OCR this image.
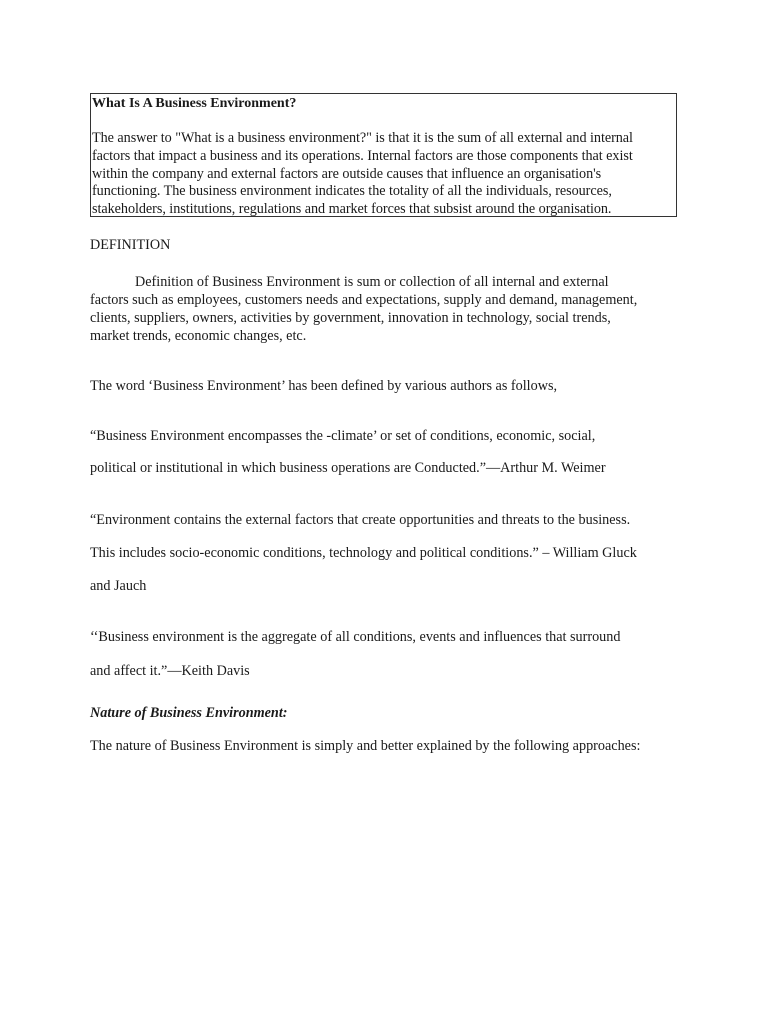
What Is A Business Environment?

The answer to "What is a business environment?" is that it is the sum of all external and internal
factors that impact a business and its operations. Internal factors are those components that exist
within the company and external factors are outside causes that influence an organisation's
functioning. The business environment indicates the totality of all the individuals, resources,
stakeholders, institutions, regulations and market forces that subsist around the organisation.

DEFINITION

Definition of Business Environment is sum or collection of all internal and external
factors such as employees, customers needs and expectations, supply and demand, management,
clients, suppliers, owners, activities by government, innovation in technology, social trends,
market trends, economic changes, etc.

The word ‘Business Environment’ has been defined by various authors as follows,

“Business Environment encompasses the -climate’ or set of conditions, economic, social,

political or institutional in which business operations are Conducted.”—Arthur M. Weimer

“Environment contains the external factors that create opportunities and threats to the business.

This includes socio-economic conditions, technology and political conditions.” – William Gluck

and Jauch

‘‘Business environment is the aggregate of all conditions, events and influences that surround

and affect it.”—Keith Davis

Nature of Business Environment:

The nature of Business Environment is simply and better explained by the following approaches:
